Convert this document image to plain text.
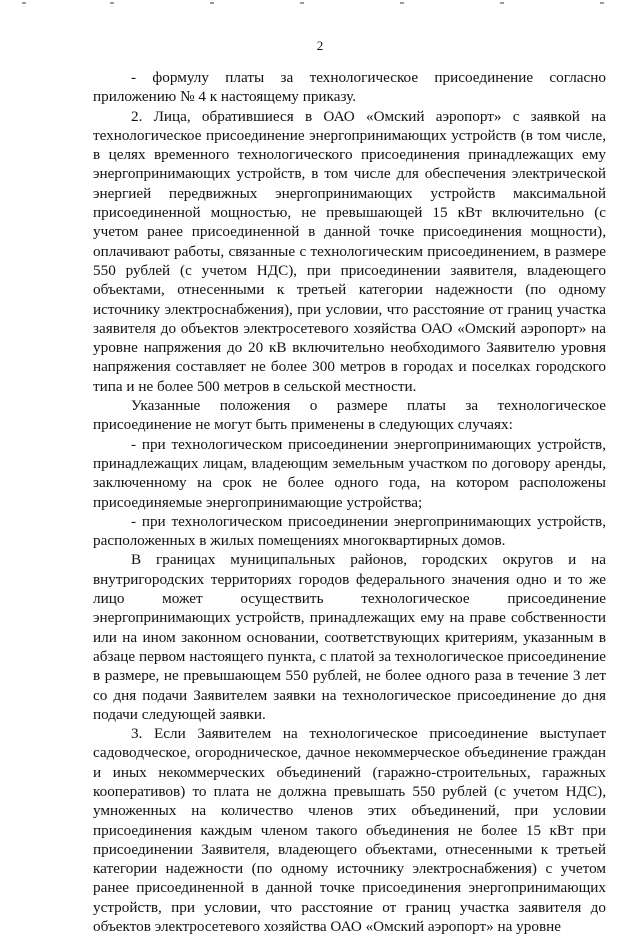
2

- формулу платы за технологическое присоединение согласно приложению № 4 к настоящему приказу.

2. Лица, обратившиеся в ОАО «Омский аэропорт» с заявкой на технологическое присоединение энергопринимающих устройств (в том числе, в целях временного технологического присоединения принадлежащих ему энергопринимающих устройств, в том числе для обеспечения электрической энергией передвижных энергопринимающих устройств максимальной присоединенной мощностью, не превышающей 15 кВт включительно (с учетом ранее присоединенной в данной точке присоединения мощности), оплачивают работы, связанные с технологическим присоединением, в размере 550 рублей (с учетом НДС), при присоединении заявителя, владеющего объектами, отнесенными к третьей категории надежности (по одному источнику электроснабжения), при условии, что расстояние от границ участка заявителя до объектов электросетевого хозяйства ОАО «Омский аэропорт» на уровне напряжения до 20 кВ включительно необходимого Заявителю уровня напряжения составляет не более 300 метров в городах и поселках городского типа и не более 500 метров в сельской местности.

Указанные положения о размере платы за технологическое присоединение не могут быть применены в следующих случаях:

- при технологическом присоединении энергопринимающих устройств, принадлежащих лицам, владеющим земельным участком по договору аренды, заключенному на срок не более одного года, на котором расположены присоединяемые энергопринимающие устройства;

- при технологическом присоединении энергопринимающих устройств, расположенных в жилых помещениях многоквартирных домов.

В границах муниципальных районов, городских округов и на внутригородских территориях городов федерального значения одно и то же лицо может осуществить технологическое присоединение энергопринимающих устройств, принадлежащих ему на праве собственности или на ином законном основании, соответствующих критериям, указанным в абзаце первом настоящего пункта, с платой за технологическое присоединение в размере, не превышающем 550 рублей, не более одного раза в течение 3 лет со дня подачи Заявителем заявки на технологическое присоединение до дня подачи следующей заявки.

3. Если Заявителем на технологическое присоединение выступает садоводческое, огородническое, дачное некоммерческое объединение граждан и иных некоммерческих объединений (гаражно-строительных, гаражных кооперативов) то плата не должна превышать 550 рублей (с учетом НДС), умноженных на количество членов этих объединений, при условии присоединения каждым членом такого объединения не более 15 кВт при присоединении Заявителя, владеющего объектами, отнесенными к третьей категории надежности (по одному источнику электроснабжения) с учетом ранее присоединенной в данной точке присоединения энергопринимающих устройств, при условии, что расстояние от границ участка заявителя до объектов электросетевого хозяйства ОАО «Омский аэропорт» на уровне
